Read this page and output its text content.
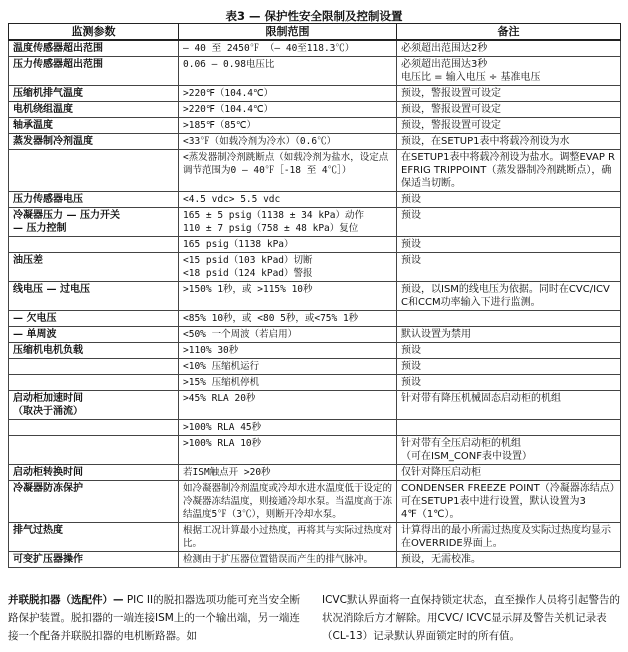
表3 — 保护性安全限制及控制设置
监测参数	限制范围	备注
温度传感器超出范围	– 40 至 2450℉ （– 40至118.3℃）	必须超出范围达2秒
压力传感器超出范围	0.06 – 0.98电压比	必须超出范围达3秒
电压比 = 输入电压 ÷ 基准电压
压缩机排气温度	>220℉（104.4℃）	预设，警报设置可设定
电机绕组温度	>220℉（104.4℃）	预设，警报设置可设定
轴承温度	>185℉（85℃）	预设，警报设置可设定
蒸发器制冷剂温度	<33℉（如载冷剂为冷水）（0.6℃）	预设，在SETUP1表中将载冷剂设为水
	<蒸发器制冷剂跳断点（如载冷剂为盐水，设定点调节范围为0 – 40℉［-18 至 4℃］）	在SETUP1表中将载冷剂设为盐水。调整EVAP REFRIG TRIPPOINT（蒸发器制冷剂跳断点），确保适当切断。
压力传感器电压	<4.5 vdc> 5.5 vdc	预设
冷凝器压力 — 压力开关
— 压力控制	165 ± 5 psig（1138 ± 34 kPa）动作
110 ± 7 psig（758 ± 48 kPa）复位	预设
	165 psig（1138 kPa）	预设
油压差	<15 psid（103 kPad）切断
<18 psid（124 kPad）警报	预设
线电压 — 过电压	>150% 1秒，或 >115% 10秒	预设，以ISM的线电压为依据。同时在CVC/ICVC和CCM功率输入下进行监测。
— 欠电压	<85% 10秒，或 <80 5秒，或<75% 1秒	
— 单周波	<50% 一个周波（若启用）	默认设置为禁用
压缩机电机负载	>110% 30秒	预设
	<10% 压缩机运行	预设
	>15% 压缩机停机	预设
启动柜加速时间
（取决于涌流）	>45% RLA 20秒	针对带有降压机械固态启动柜的机组
	>100% RLA 45秒	
	>100% RLA 10秒	针对带有全压启动柜的机组
（可在ISM_CONF表中设置）
启动柜转换时间	若ISM触点开 >20秒	仅针对降压启动柜
冷凝器防冻保护	如冷凝器制冷剂温度或冷却水进水温度低于设定的冷凝器冻结温度，则接通冷却水泵。当温度高于冻结温度5℉（3℃），则断开冷却水泵。	CONDENSER FREEZE POINT（冷凝器冻结点）可在SETUP1表中进行设置，默认设置为34℉（1℃）。
排气过热度	根据工况计算最小过热度，再将其与实际过热度对比。	计算得出的最小所需过热度及实际过热度均显示在OVERRIDE界面上。
可变扩压器操作	检测由于扩压器位置错误而产生的排气脉冲。	预设，无需校准。
并联脱扣器（选配件）— PIC II的脱扣器选项功能可充当安全断路保护装置。脱扣器的一端连接ISM上的一个输出端，另一端连接一个配备并联脱扣器的电机断路器。如
ICVC默认界面将一直保持锁定状态，直至操作人员将引起警告的状况消除后方才解除。用CVC/ ICVC显示屏及警告关机记录表（CL-13）记录默认界面锁定时的所有值。
